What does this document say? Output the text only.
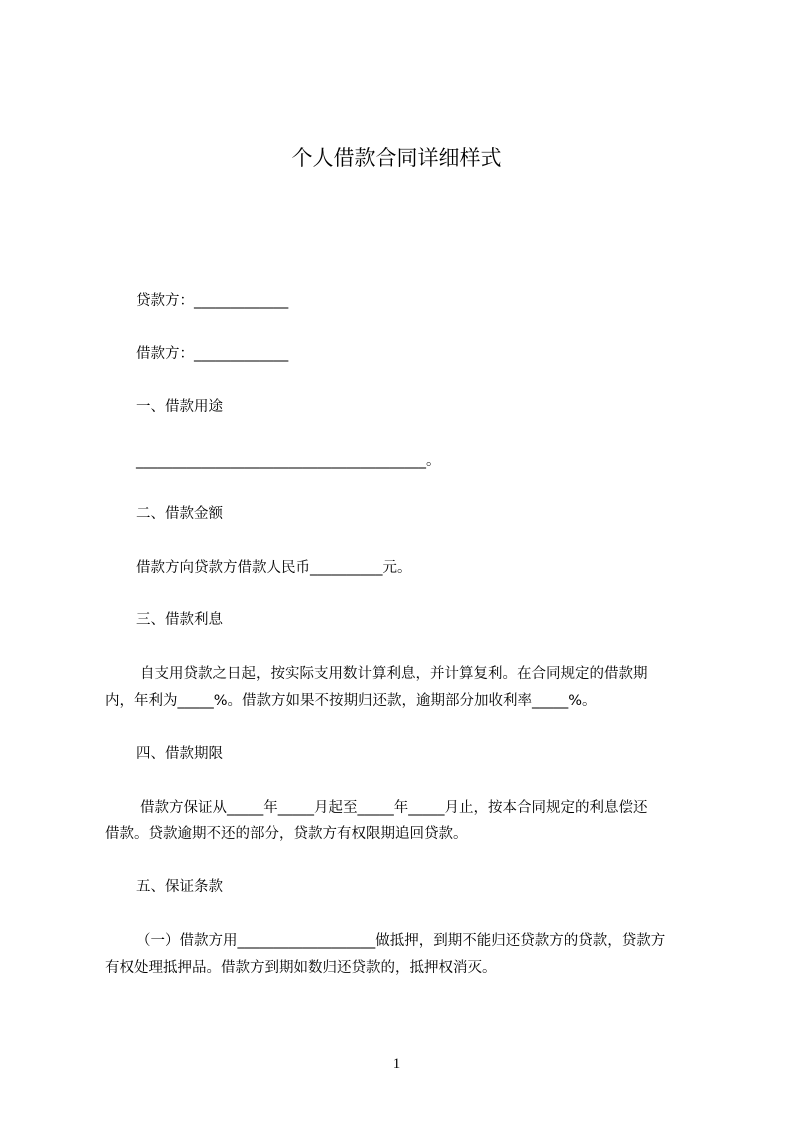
个人借款合同详细样式
贷款方：_____________
借款方：_____________
一、借款用途
________________________________________。
二、借款金额
借款方向贷款方借款人民币__________元。
三、借款利息
自支用贷款之日起，按实际支用数计算利息，并计算复利。在合同规定的借款期
内，年利为_____%。借款方如果不按期归还款，逾期部分加收利率_____%。
四、借款期限
借款方保证从_____年_____月起至_____年_____月止，按本合同规定的利息偿还
借款。贷款逾期不还的部分，贷款方有权限期追回贷款。
五、保证条款
（一）借款方用___________________做抵押，到期不能归还贷款方的贷款，贷款方
有权处理抵押品。借款方到期如数归还贷款的，抵押权消灭。
1
